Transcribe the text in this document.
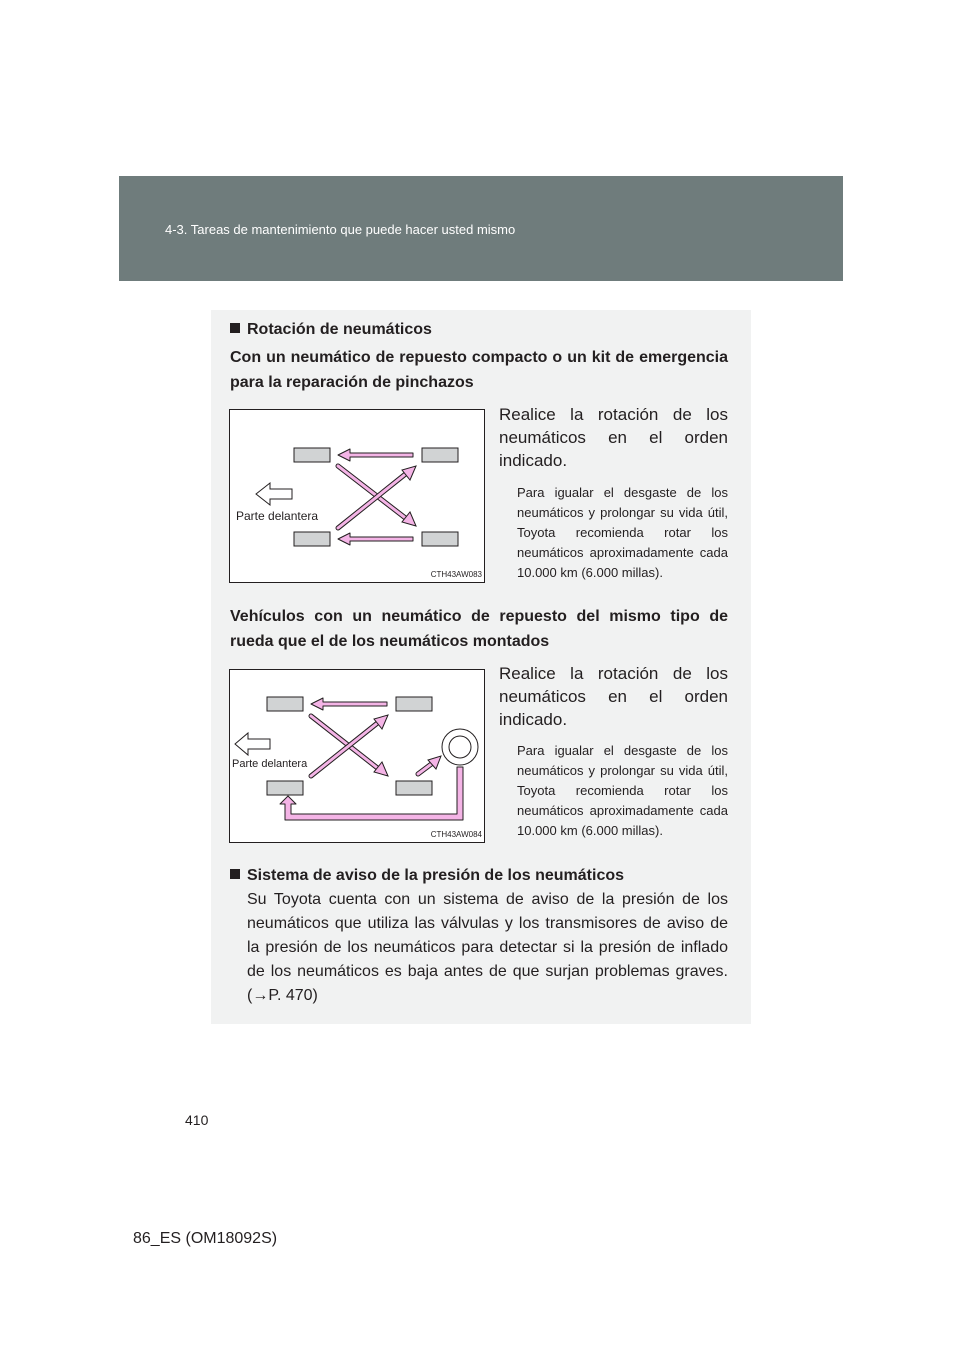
4-3. Tareas de mantenimiento que puede hacer usted mismo
Rotación de neumáticos
Con un neumático de repuesto compacto o un kit de emergencia para la reparación de pinchazos
Parte delantera
CTH43AW083
Realice la rotación de los neumáticos en el orden indicado.
Para igualar el desgaste de los neumáticos y prolongar su vida útil, Toyota recomienda rotar los neumáticos aproximadamente cada 10.000 km (6.000 millas).
Vehículos con un neumático de repuesto del mismo tipo de rueda que el de los neumáticos montados
Parte delantera
CTH43AW084
Realice la rotación de los neumáticos en el orden indicado.
Para igualar el desgaste de los neumáticos y prolongar su vida útil, Toyota recomienda rotar los neumáticos aproximadamente cada 10.000 km (6.000 millas).
Sistema de aviso de la presión de los neumáticos
Su Toyota cuenta con un sistema de aviso de la presión de los neumáticos que utiliza las válvulas y los transmisores de aviso de la presión de los neumáticos para detectar si la presión de inflado de los neumáticos es baja antes de que surjan problemas graves. (→P. 470)
410
86_ES (OM18092S)
